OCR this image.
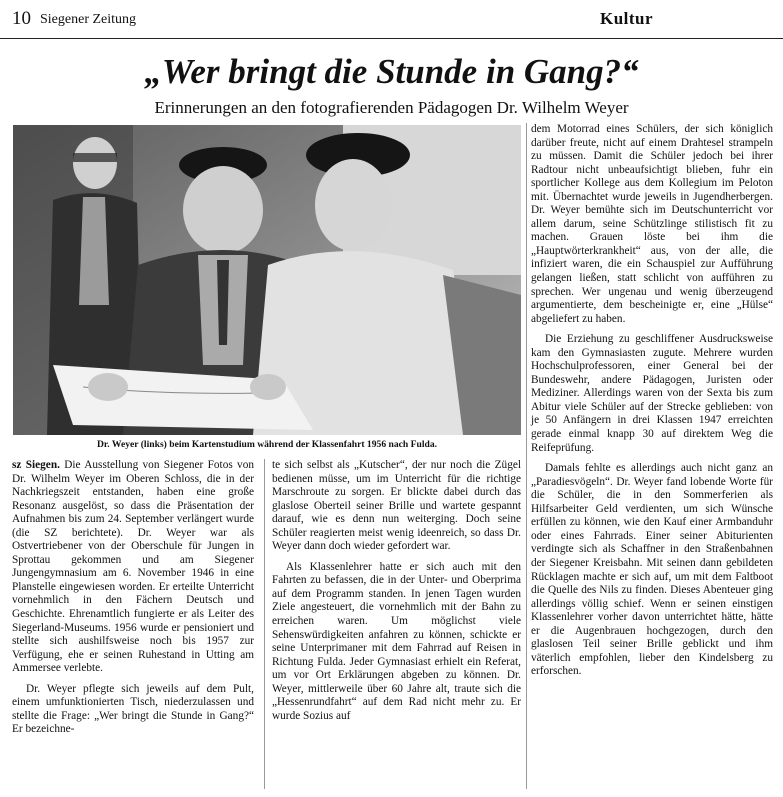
10 Siegener Zeitung	Kultur
„Wer bringt die Stunde in Gang?“
Erinnerungen an den fotografierenden Pädagogen Dr. Wilhelm Weyer
Dr. Weyer (links) beim Kartenstudium während der Klassenfahrt 1956 nach Fulda.

sz Siegen. Die Ausstellung von Siegener Fotos von Dr. Wilhelm Weyer im Oberen Schloss, die in der Nachkriegszeit entstanden, haben eine große Resonanz ausgelöst, so dass die Präsentation der Aufnahmen bis zum 24. September verlängert wurde (die SZ berichtete). Dr. Weyer war als Ostvertriebener von der Oberschule für Jungen in Sprottau gekommen und am Siegener Jungengymnasium am 6. November 1946 in eine Planstelle eingewiesen worden. Er erteilte Unterricht vornehmlich in den Fächern Deutsch und Geschichte. Ehrenamtlich fungierte er als Leiter des Siegerland-Museums. 1956 wurde er pensioniert und stellte sich aushilfsweise noch bis 1957 zur Verfügung, ehe er seinen Ruhestand in Utting am Ammersee verlebte.

Dr. Weyer pflegte sich jeweils auf dem Pult, einem umfunktionierten Tisch, niederzulassen und stellte die Frage: „Wer bringt die Stunde in Gang?“ Er bezeichne-

te sich selbst als „Kutscher“, der nur noch die Zügel bedienen müsse, um im Unterricht für die richtige Marschroute zu sorgen. Er blickte dabei durch das glaslose Oberteil seiner Brille und wartete gespannt darauf, wie es denn nun weiterging. Doch seine Schüler reagierten meist wenig ideenreich, so dass Dr. Weyer dann doch wieder gefordert war.

Als Klassenlehrer hatte er sich auch mit den Fahrten zu befassen, die in der Unter- und Oberprima auf dem Programm standen. In jenen Tagen wurden Ziele angesteuert, die vornehmlich mit der Bahn zu erreichen waren. Um möglichst viele Sehenswürdigkeiten anfahren zu können, schickte er seine Unterprimaner mit dem Fahrrad auf Reisen in Richtung Fulda. Jeder Gymnasiast erhielt ein Referat, um vor Ort Erklärungen abgeben zu können. Dr. Weyer, mittlerweile über 60 Jahre alt, traute sich die „Hessenrundfahrt“ auf dem Rad nicht mehr zu. Er wurde Sozius auf

dem Motorrad eines Schülers, der sich königlich darüber freute, nicht auf einem Drahtesel strampeln zu müssen. Damit die Schüler jedoch bei ihrer Radtour nicht unbeaufsichtigt blieben, fuhr ein sportlicher Kollege aus dem Kollegium im Peloton mit. Übernachtet wurde jeweils in Jugendherbergen. Dr. Weyer bemühte sich im Deutschunterricht vor allem darum, seine Schützlinge stilistisch fit zu machen. Grauen löste bei ihm die „Hauptwörterkrankheit“ aus, von der alle, die infiziert waren, die ein Schauspiel zur Aufführung gelangen ließen, statt schlicht von aufführen zu sprechen. Wer ungenau und wenig überzeugend argumentierte, dem bescheinigte er, eine „Hülse“ abgeliefert zu haben.

Die Erziehung zu geschliffener Ausdrucksweise kam den Gymnasiasten zugute. Mehrere wurden Hochschulprofessoren, einer General bei der Bundeswehr, andere Pädagogen, Juristen oder Mediziner. Allerdings waren von der Sexta bis zum Abitur viele Schüler auf der Strecke geblieben: von je 50 Anfängern in drei Klassen 1947 erreichten gerade einmal knapp 30 auf direktem Weg die Reifeprüfung.

Damals fehlte es allerdings auch nicht ganz an „Paradiesvögeln“. Dr. Weyer fand lobende Worte für die Schüler, die in den Sommerferien als Hilfsarbeiter Geld verdienten, um sich Wünsche erfüllen zu können, wie den Kauf einer Armbanduhr oder eines Fahrrads. Einer seiner Abiturienten verdingte sich als Schaffner in den Straßenbahnen der Siegener Kreisbahn. Mit seinen dann gebildeten Rücklagen machte er sich auf, um mit dem Faltboot die Quelle des Nils zu finden. Dieses Abenteuer ging allerdings völlig schief. Wenn er seinen einstigen Klassenlehrer vorher davon unterrichtet hätte, hätte er die Augenbrauen hochgezogen, durch den glaslosen Teil seiner Brille geblickt und ihm väterlich empfohlen, lieber den Kindelsberg zu erforschen.
